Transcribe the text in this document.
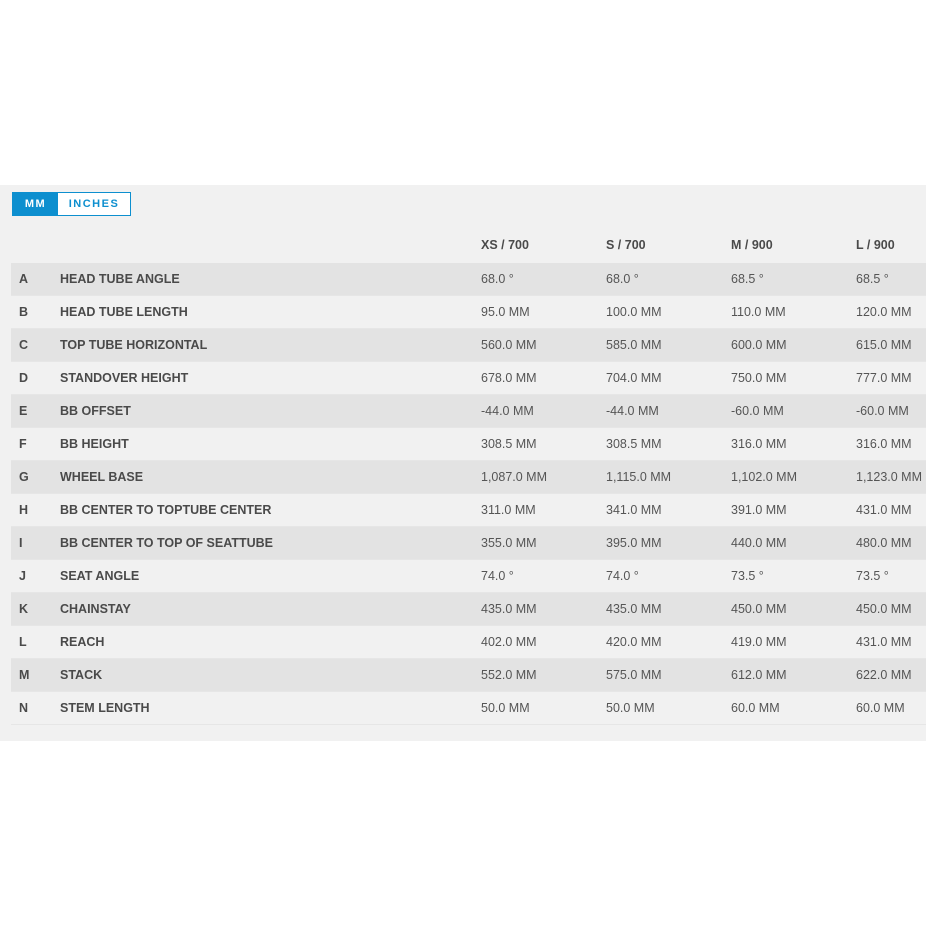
MM	INCHES
XS / 700	S / 700	M / 900	L / 900
A	HEAD TUBE ANGLE	68.0 °	68.0 °	68.5 °	68.5 °
B	HEAD TUBE LENGTH	95.0 MM	100.0 MM	110.0 MM	120.0 MM
C	TOP TUBE HORIZONTAL	560.0 MM	585.0 MM	600.0 MM	615.0 MM
D	STANDOVER HEIGHT	678.0 MM	704.0 MM	750.0 MM	777.0 MM
E	BB OFFSET	-44.0 MM	-44.0 MM	-60.0 MM	-60.0 MM
F	BB HEIGHT	308.5 MM	308.5 MM	316.0 MM	316.0 MM
G	WHEEL BASE	1,087.0 MM	1,115.0 MM	1,102.0 MM	1,123.0 MM
H	BB CENTER TO TOPTUBE CENTER	311.0 MM	341.0 MM	391.0 MM	431.0 MM
I	BB CENTER TO TOP OF SEATTUBE	355.0 MM	395.0 MM	440.0 MM	480.0 MM
J	SEAT ANGLE	74.0 °	74.0 °	73.5 °	73.5 °
K	CHAINSTAY	435.0 MM	435.0 MM	450.0 MM	450.0 MM
L	REACH	402.0 MM	420.0 MM	419.0 MM	431.0 MM
M STACK	552.0 MM	575.0 MM	612.0 MM	622.0 MM
N	STEM LENGTH	50.0 MM	50.0 MM	60.0 MM	60.0 MM
